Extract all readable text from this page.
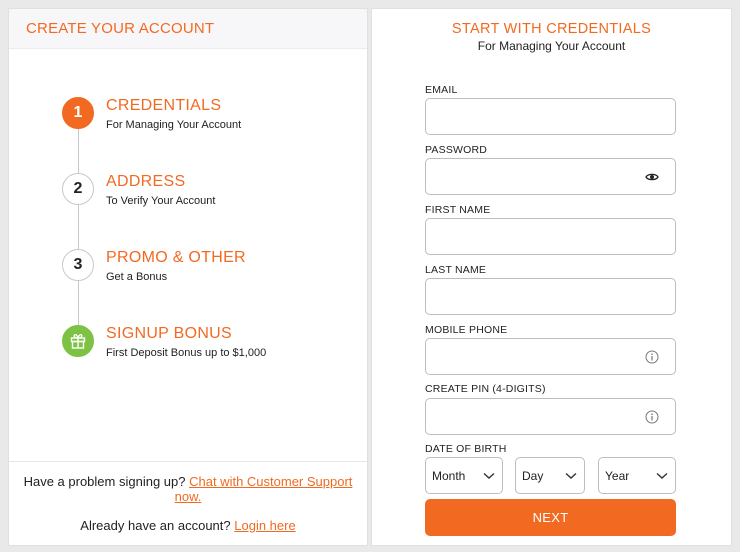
CREATE YOUR ACCOUNT
1	CREDENTIALS
For Managing Your Account
2	ADDRESS
To Verify Your Account
3	PROMO & OTHER
Get a Bonus
SIGNUP BONUS
First Deposit Bonus up to $1,000
Have a problem signing up? Chat with Customer Support now.
Already have an account? Login here
START WITH CREDENTIALS
For Managing Your Account
EMAIL
PASSWORD
FIRST NAME
LAST NAME
MOBILE PHONE
CREATE PIN (4-DIGITS)
DATE OF BIRTH
Month	Day	Year
NEXT
